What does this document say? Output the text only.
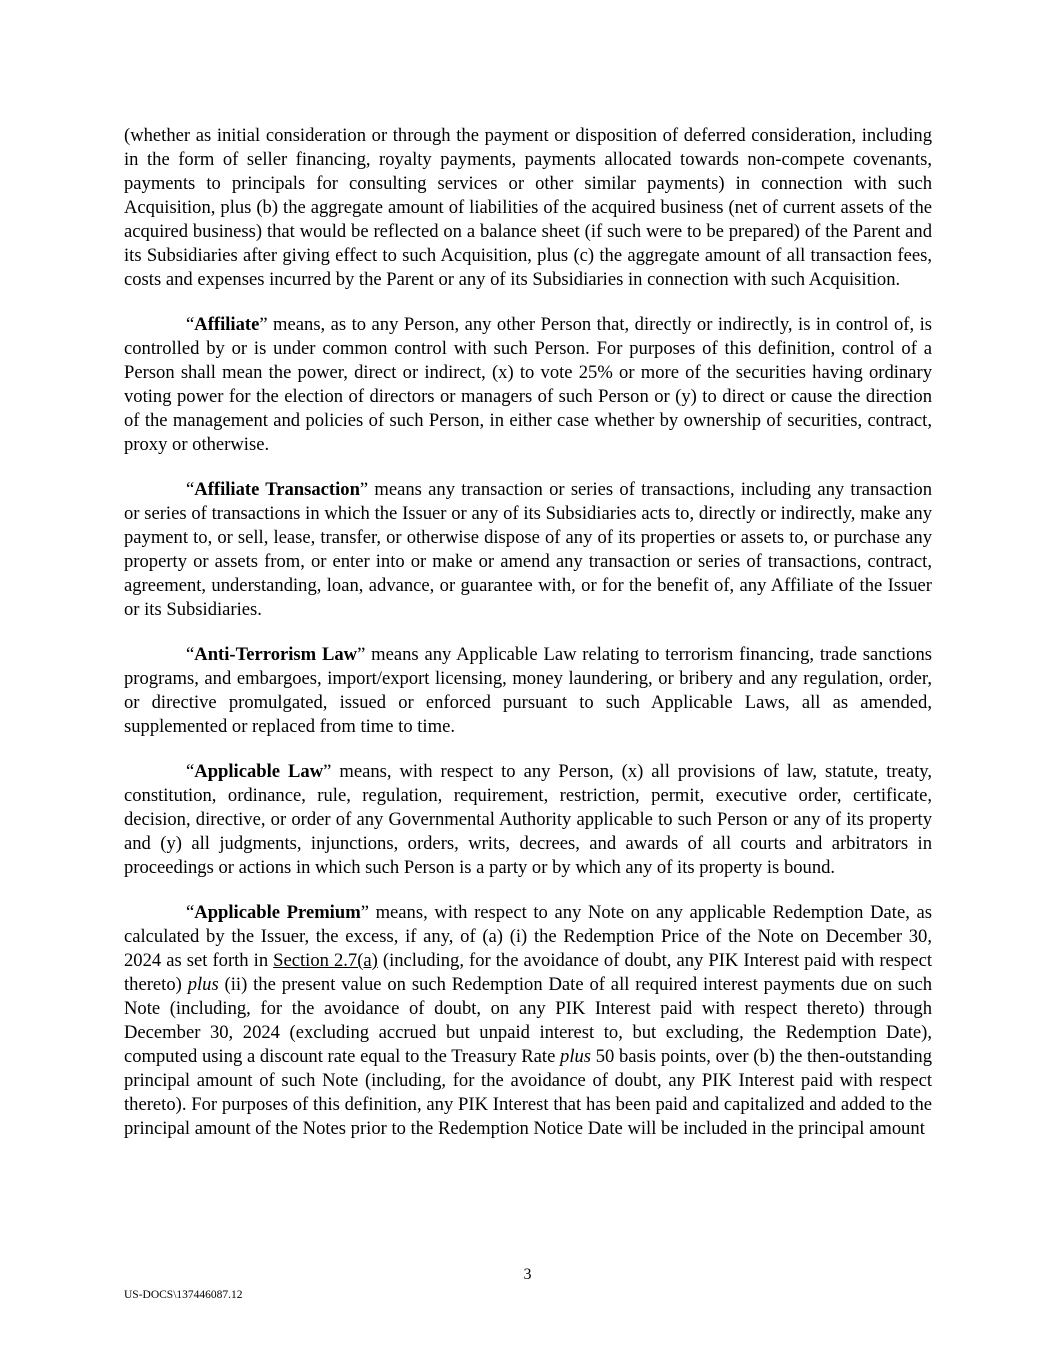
(whether as initial consideration or through the payment or disposition of deferred consideration, including in the form of seller financing, royalty payments, payments allocated towards non-compete covenants, payments to principals for consulting services or other similar payments) in connection with such Acquisition, plus (b) the aggregate amount of liabilities of the acquired business (net of current assets of the acquired business) that would be reflected on a balance sheet (if such were to be prepared) of the Parent and its Subsidiaries after giving effect to such Acquisition, plus (c) the aggregate amount of all transaction fees, costs and expenses incurred by the Parent or any of its Subsidiaries in connection with such Acquisition.

“Affiliate” means, as to any Person, any other Person that, directly or indirectly, is in control of, is controlled by or is under common control with such Person. For purposes of this definition, control of a Person shall mean the power, direct or indirect, (x) to vote 25% or more of the securities having ordinary voting power for the election of directors or managers of such Person or (y) to direct or cause the direction of the management and policies of such Person, in either case whether by ownership of securities, contract, proxy or otherwise.

“Affiliate Transaction” means any transaction or series of transactions, including any transaction or series of transactions in which the Issuer or any of its Subsidiaries acts to, directly or indirectly, make any payment to, or sell, lease, transfer, or otherwise dispose of any of its properties or assets to, or purchase any property or assets from, or enter into or make or amend any transaction or series of transactions, contract, agreement, understanding, loan, advance, or guarantee with, or for the benefit of, any Affiliate of the Issuer or its Subsidiaries.

“Anti-Terrorism Law” means any Applicable Law relating to terrorism financing, trade sanctions programs, and embargoes, import/export licensing, money laundering, or bribery and any regulation, order, or directive promulgated, issued or enforced pursuant to such Applicable Laws, all as amended, supplemented or replaced from time to time.

“Applicable Law” means, with respect to any Person, (x) all provisions of law, statute, treaty, constitution, ordinance, rule, regulation, requirement, restriction, permit, executive order, certificate, decision, directive, or order of any Governmental Authority applicable to such Person or any of its property and (y) all judgments, injunctions, orders, writs, decrees, and awards of all courts and arbitrators in proceedings or actions in which such Person is a party or by which any of its property is bound.

“Applicable Premium” means, with respect to any Note on any applicable Redemption Date, as calculated by the Issuer, the excess, if any, of (a) (i) the Redemption Price of the Note on December 30, 2024 as set forth in Section 2.7(a) (including, for the avoidance of doubt, any PIK Interest paid with respect thereto) plus (ii) the present value on such Redemption Date of all required interest payments due on such Note (including, for the avoidance of doubt, on any PIK Interest paid with respect thereto) through December 30, 2024 (excluding accrued but unpaid interest to, but excluding, the Redemption Date), computed using a discount rate equal to the Treasury Rate plus 50 basis points, over (b) the then-outstanding principal amount of such Note (including, for the avoidance of doubt, any PIK Interest paid with respect thereto). For purposes of this definition, any PIK Interest that has been paid and capitalized and added to the principal amount of the Notes prior to the Redemption Notice Date will be included in the principal amount

3
US-DOCS\137446087.12
